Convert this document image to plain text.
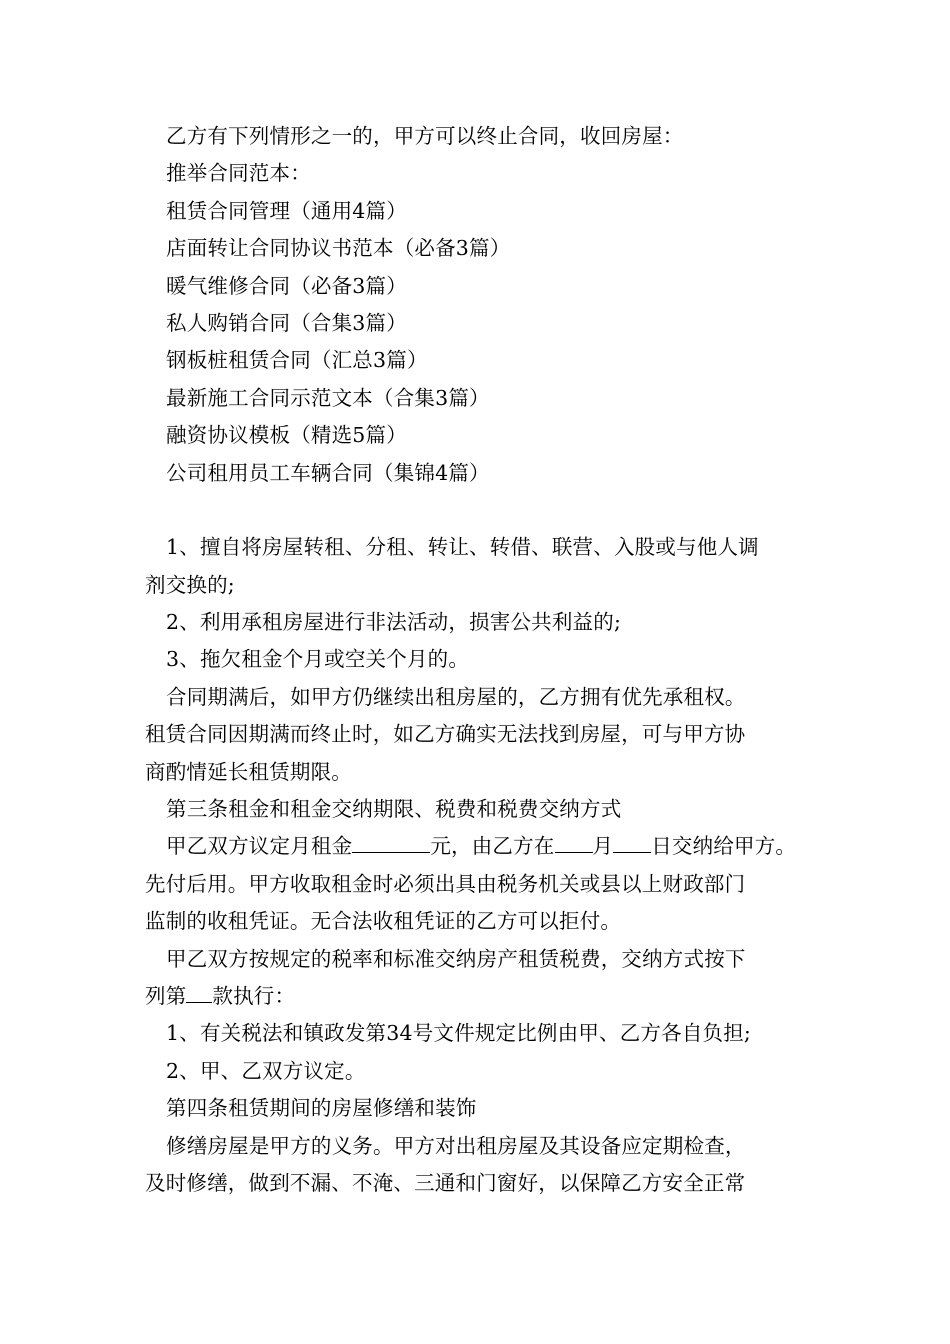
乙方有下列情形之一的，甲方可以终止合同，收回房屋：
推举合同范本：
租赁合同管理（通用4篇）
店面转让合同协议书范本（必备3篇）
暖气维修合同（必备3篇）
私人购销合同（合集3篇）
钢板桩租赁合同（汇总3篇）
最新施工合同示范文本（合集3篇）
融资协议模板（精选5篇）
公司租用员工车辆合同（集锦4篇）
1、擅自将房屋转租、分租、转让、转借、联营、入股或与他人调
剂交换的;
2、利用承租房屋进行非法活动，损害公共利益的;
3、拖欠租金个月或空关个月的。
合同期满后，如甲方仍继续出租房屋的，乙方拥有优先承租权。
租赁合同因期满而终止时，如乙方确实无法找到房屋，可与甲方协
商酌情延长租赁期限。
第三条租金和租金交纳期限、税费和税费交纳方式
甲乙双方议定月租金	元，由乙方在 月 日交纳给甲方。
先付后用。甲方收取租金时必须出具由税务机关或县以上财政部门
监制的收租凭证。无合法收租凭证的乙方可以拒付。
甲乙双方按规定的税率和标准交纳房产租赁税费，交纳方式按下
列第 款执行：
1、有关税法和镇政发第34号文件规定比例由甲、乙方各自负担;
2、甲、乙双方议定。
第四条租赁期间的房屋修缮和装饰
修缮房屋是甲方的义务。甲方对出租房屋及其设备应定期检查，
及时修缮，做到不漏、不淹、三通和门窗好，以保障乙方安全正常
